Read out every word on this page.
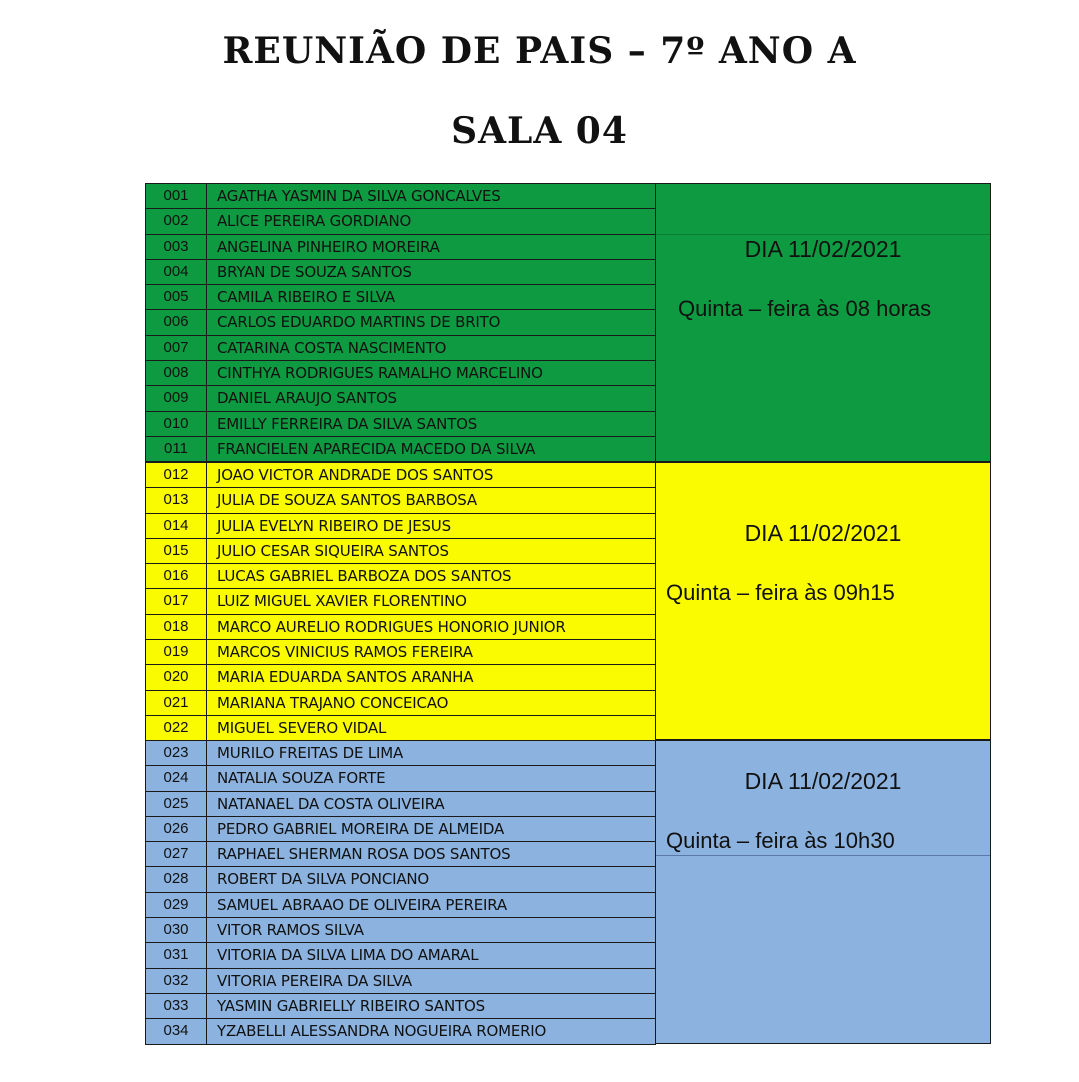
REUNIÃO DE PAIS – 7º ANO A
SALA 04
001	AGATHA YASMIN DA SILVA GONCALVES
002	ALICE PEREIRA GORDIANO
003	ANGELINA PINHEIRO MOREIRA
004	BRYAN DE SOUZA SANTOS
005	CAMILA RIBEIRO E SILVA
006	CARLOS EDUARDO MARTINS DE BRITO
007	CATARINA COSTA NASCIMENTO
008	CINTHYA RODRIGUES RAMALHO MARCELINO
009	DANIEL ARAUJO SANTOS
010	EMILLY FERREIRA DA SILVA SANTOS
011	FRANCIELEN APARECIDA MACEDO DA SILVA
DIA 11/02/2021
Quinta – feira às 08 horas
012	JOAO VICTOR ANDRADE DOS SANTOS
013	JULIA DE SOUZA SANTOS BARBOSA
014	JULIA EVELYN RIBEIRO DE JESUS
015	JULIO CESAR SIQUEIRA SANTOS
016	LUCAS GABRIEL BARBOZA DOS SANTOS
017	LUIZ MIGUEL XAVIER FLORENTINO
018	MARCO AURELIO RODRIGUES HONORIO JUNIOR
019	MARCOS VINICIUS RAMOS FEREIRA
020	MARIA EDUARDA SANTOS ARANHA
021	MARIANA TRAJANO CONCEICAO
022	MIGUEL SEVERO VIDAL
DIA 11/02/2021
Quinta – feira às 09h15
023	MURILO FREITAS DE LIMA
024	NATALIA SOUZA FORTE
025	NATANAEL DA COSTA OLIVEIRA
026	PEDRO GABRIEL MOREIRA DE ALMEIDA
027	RAPHAEL SHERMAN ROSA DOS SANTOS
028	ROBERT DA SILVA PONCIANO
029	SAMUEL ABRAAO DE OLIVEIRA PEREIRA
030	VITOR RAMOS SILVA
031	VITORIA DA SILVA LIMA DO AMARAL
032	VITORIA PEREIRA DA SILVA
033	YASMIN GABRIELLY RIBEIRO SANTOS
034	YZABELLI ALESSANDRA NOGUEIRA ROMERIO
DIA 11/02/2021
Quinta – feira às 10h30
